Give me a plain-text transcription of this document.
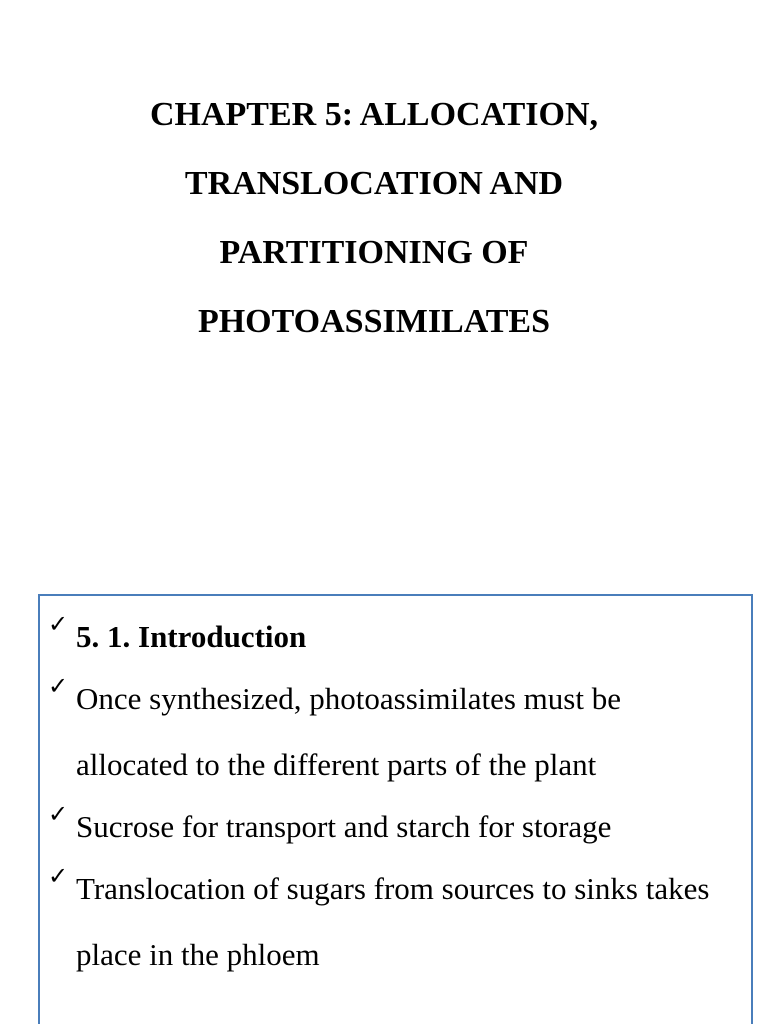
CHAPTER 5: ALLOCATION,
TRANSLOCATION AND
PARTITIONING OF
PHOTOASSIMILATES
✓ 5. 1. Introduction
✓ Once synthesized, photoassimilates must be allocated to the different parts of the plant
✓ Sucrose for transport and starch for storage
✓ Translocation of sugars from sources to sinks takes place in the phloem
